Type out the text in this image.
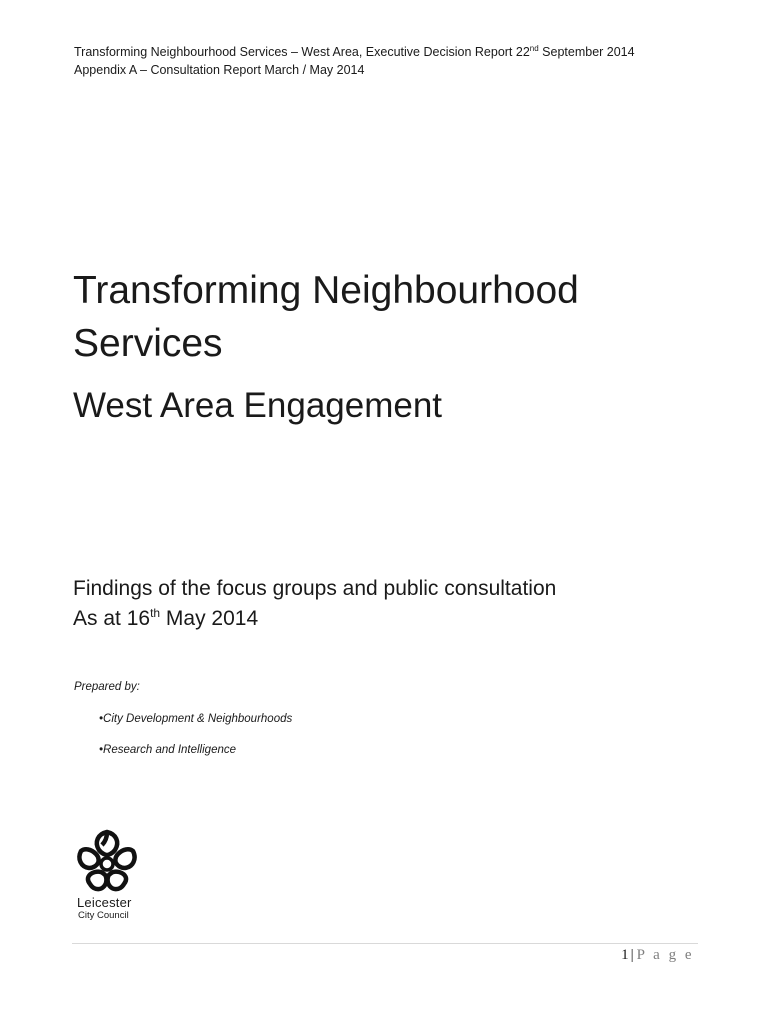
Transforming Neighbourhood Services – West Area, Executive Decision Report 22nd September 2014
Appendix A – Consultation Report March / May 2014
Transforming Neighbourhood Services
West Area Engagement
Findings of the focus groups and public consultation
As at 16th May 2014
Prepared by:
•City Development & Neighbourhoods
•Research and Intelligence
Leicester
City Council
1 | P a g e
